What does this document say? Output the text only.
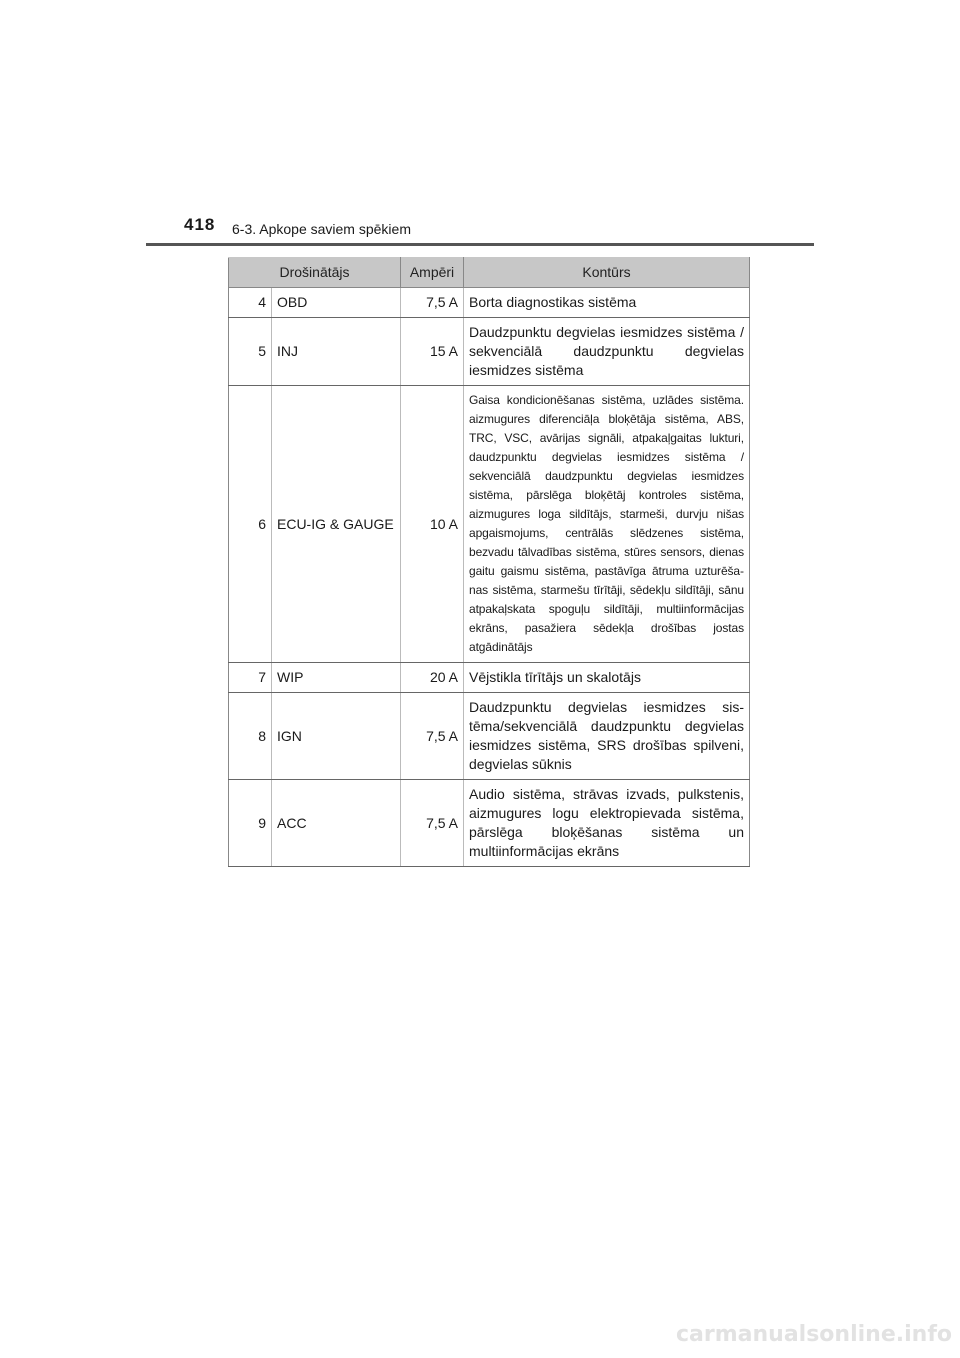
418 6-3. Apkope saviem spēkiem
Drošinātājs		Ampēri	Kontūrs
4	OBD	7,5 A	Borta diagnostikas sistēma
5	INJ	15 A	Daudzpunktu degvielas iesmidzes sistēma / sekvenciālā daudzpunktu degvielas iesmidzes sistēma
6	ECU-IG & GAUGE	10 A	Gaisa kondicionēšanas sistēma, uzlādes sistēma. aizmugures diferenciāļa bloķētāja sistēma, ABS, TRC, VSC, avārijas signāli, atpakaļgaitas lukturi, daudzpunktu degvielas iesmidzes sistēma / sekvenciālā daudzpunktu degvielas iesmidzes sistēma, pārslēga bloķētāj kontroles sistēma, aizmugures loga sildītājs, starmeši, durvju nišas apgaismojums, centrālās slēdzenes sistēma, bezvadu tālvadības sistēma, stūres sensors, dienas gaitu gaismu sistēma, pastāvīga ātruma uzturēšanas sistēma, starmešu tīrītāji, sēdekļu sildītāji, sānu atpakaļskata spoguļu sildītāji, multiinformācijas ekrāns, pasažiera sēdekļa drošības jostas atgādinātājs
7	WIP	20 A	Vējstikla tīrītājs un skalotājs
8	IGN	7,5 A	Daudzpunktu degvielas iesmidzes sistēma/sekvenciālā daudzpunktu degvielas iesmidzes sistēma, SRS drošības spilveni, degvielas sūknis
9	ACC	7,5 A	Audio sistēma, strāvas izvads, pulkstenis, aizmugures logu elektropievada sistēma, pārslēga bloķēšanas sistēma un multiinformācijas ekrāns
carmanualsonline.info
